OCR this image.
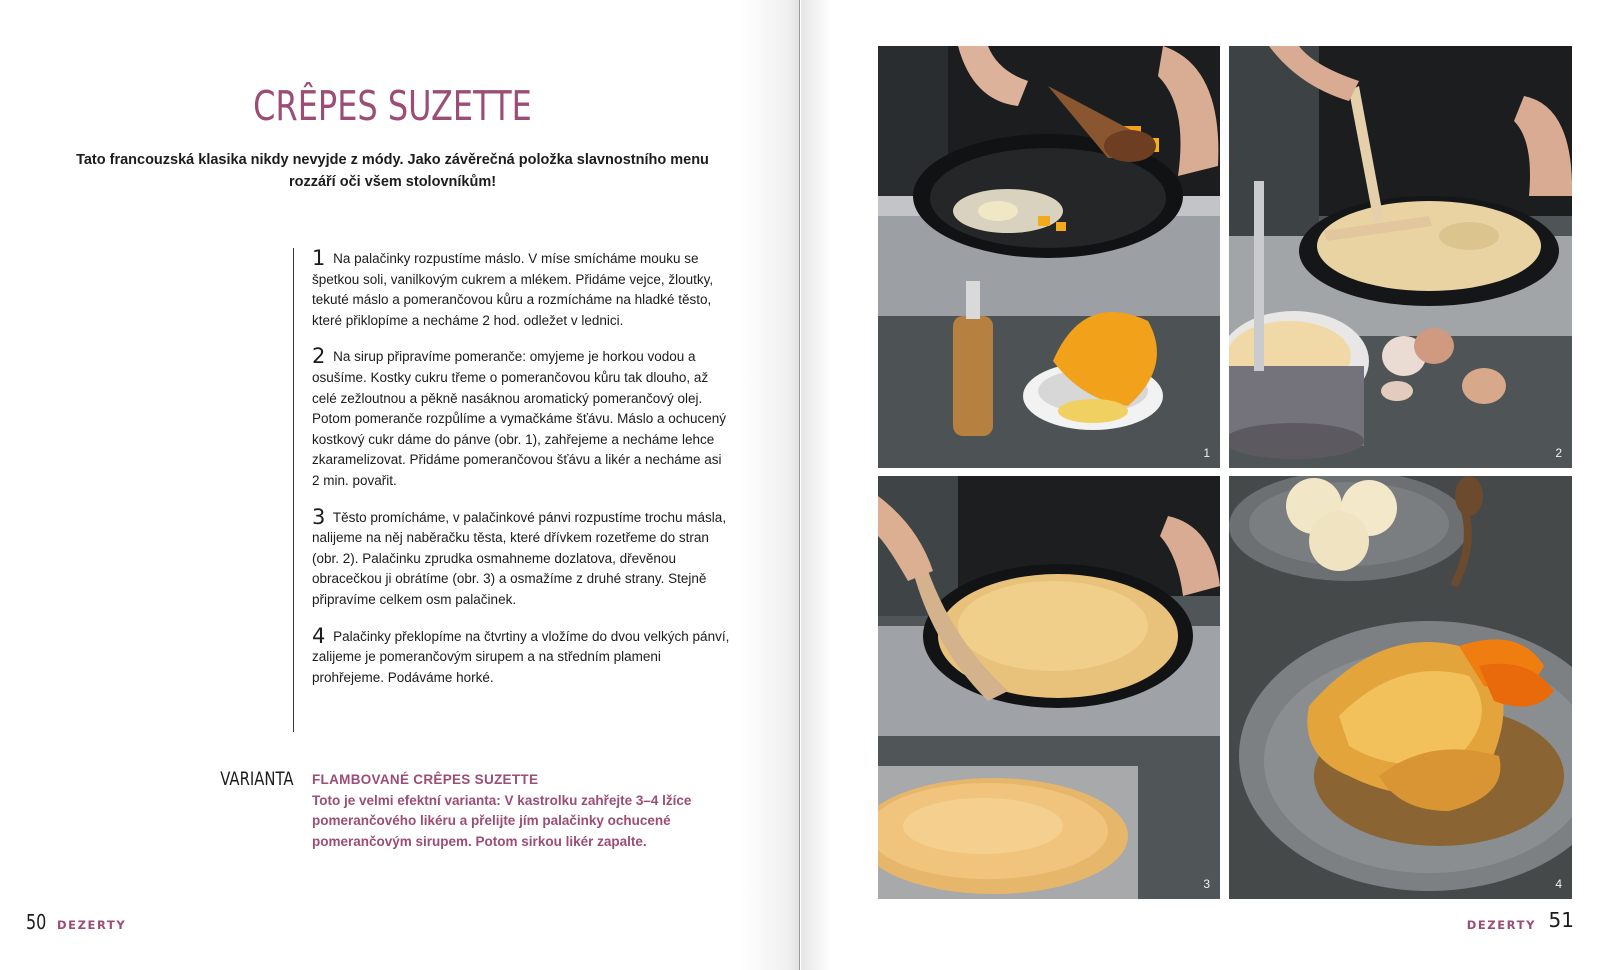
CRÊPES SUZETTE
Tato francouzská klasika nikdy nevyjde z módy. Jako závěrečná položka slavnostního menu rozzáří oči všem stolovníkům!
1 Na palačinky rozpustíme máslo. V míse smícháme mouku se špetkou soli, vanilkovým cukrem a mlékem. Přidáme vejce, žloutky, tekuté máslo a pomerančovou kůru a rozmícháme na hladké těsto, které přiklopíme a necháme 2 hod. odležet v lednici.
2 Na sirup připravíme pomeranče: omyjeme je horkou vodou a osušíme. Kostky cukru třeme o pomerančovou kůru tak dlouho, až celé zežloutnou a pěkně nasáknou aromatický pomerančový olej. Potom pomeranče rozpůlíme a vymačkáme šťávu. Máslo a ochucený kostkový cukr dáme do pánve (obr. 1), zahřejeme a necháme lehce zkaramelizovat. Přidáme pomerančovou šťávu a likér a necháme asi 2 min. povařit.
3 Těsto promícháme, v palačinkové pánvi rozpustíme trochu másla, nalijeme na něj naběračku těsta, které dřívkem rozetřeme do stran (obr. 2). Palačinku zprudka osmahneme dozlatova, dřevěnou obracečkou ji obrátíme (obr. 3) a osmažíme z druhé strany. Stejně připravíme celkem osm palačinek.
4 Palačinky překlopíme na čtvrtiny a vložíme do dvou velkých pánví, zalijeme je pomerančovým sirupem a na středním plameni prohřejeme. Podáváme horké.
VARIANTA FLAMBOVANÉ CRÊPES SUZETTE
Toto je velmi efektní varianta: V kastrolku zahřejte 3–4 lžíce pomerančového likéru a přelijte jím palačinky ochucené pomerančovým sirupem. Potom sirkou likér zapalte.
50 DEZERTY	51
DEZERTY
1	2
3	4
